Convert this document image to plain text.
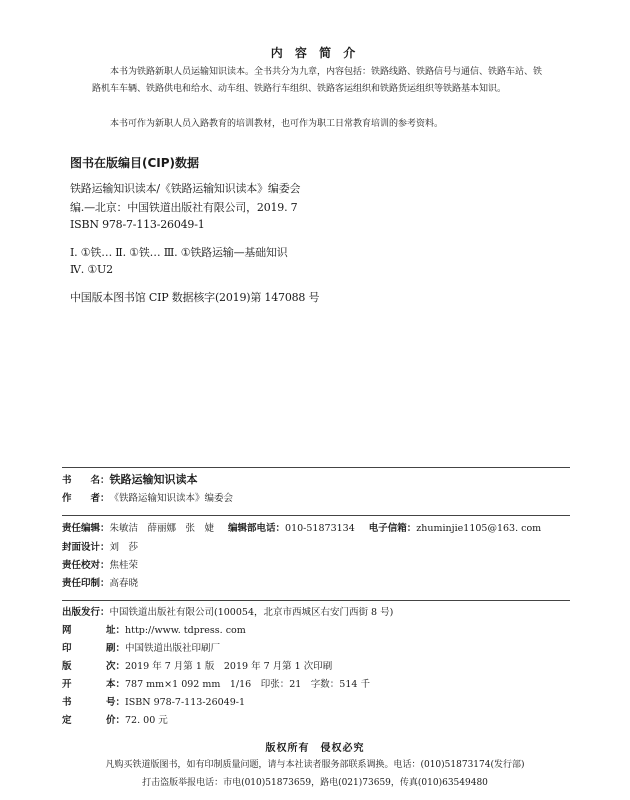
内 容 简 介
本书为铁路新职人员运输知识读本。全书共分为九章，内容包括：铁路线路、铁路信号与通信、铁路车站、铁路机车车辆、铁路供电和给水、动车组、铁路行车组织、铁路客运组织和铁路货运组织等铁路基本知识。
本书可作为新职人员入路教育的培训教材，也可作为职工日常教育培训的参考资料。
图书在版编目(CIP)数据
铁路运输知识读本/《铁路运输知识读本》编委会
编.—北京：中国铁道出版社有限公司，2019. 7
ISBN 978-7-113-26049-1
Ⅰ. ①铁… Ⅱ. ①铁… Ⅲ. ①铁路运输—基础知识
Ⅳ. ①U2
中国版本图书馆 CIP 数据核字(2019)第 147088 号
书　　名：铁路运输知识读本
作　　者：《铁路运输知识读本》编委会
责任编辑：朱敏洁　薛丽娜　张　婕 编辑部电话：010-51873134 电子信箱：zhuminjie1105@163. com
封面设计：刘　莎
责任校对：焦桂荣
责任印制：高春晓
出版发行：中国铁道出版社有限公司(100054，北京市西城区右安门西街 8 号)
网 址：http://www. tdpress. com
印 刷：中国铁道出版社印刷厂
版 次：2019 年 7 月第 1 版　2019 年 7 月第 1 次印刷
开 本：787 mm×1 092 mm　1/16　印张：21　字数：514 千
书 号：ISBN 978-7-113-26049-1
定 价：72. 00 元
版权所有　侵权必究
凡购买铁道版图书，如有印制质量问题，请与本社读者服务部联系调换。电话：(010)51873174(发行部)
打击盗版举报电话：市电(010)51873659，路电(021)73659，传真(010)63549480
